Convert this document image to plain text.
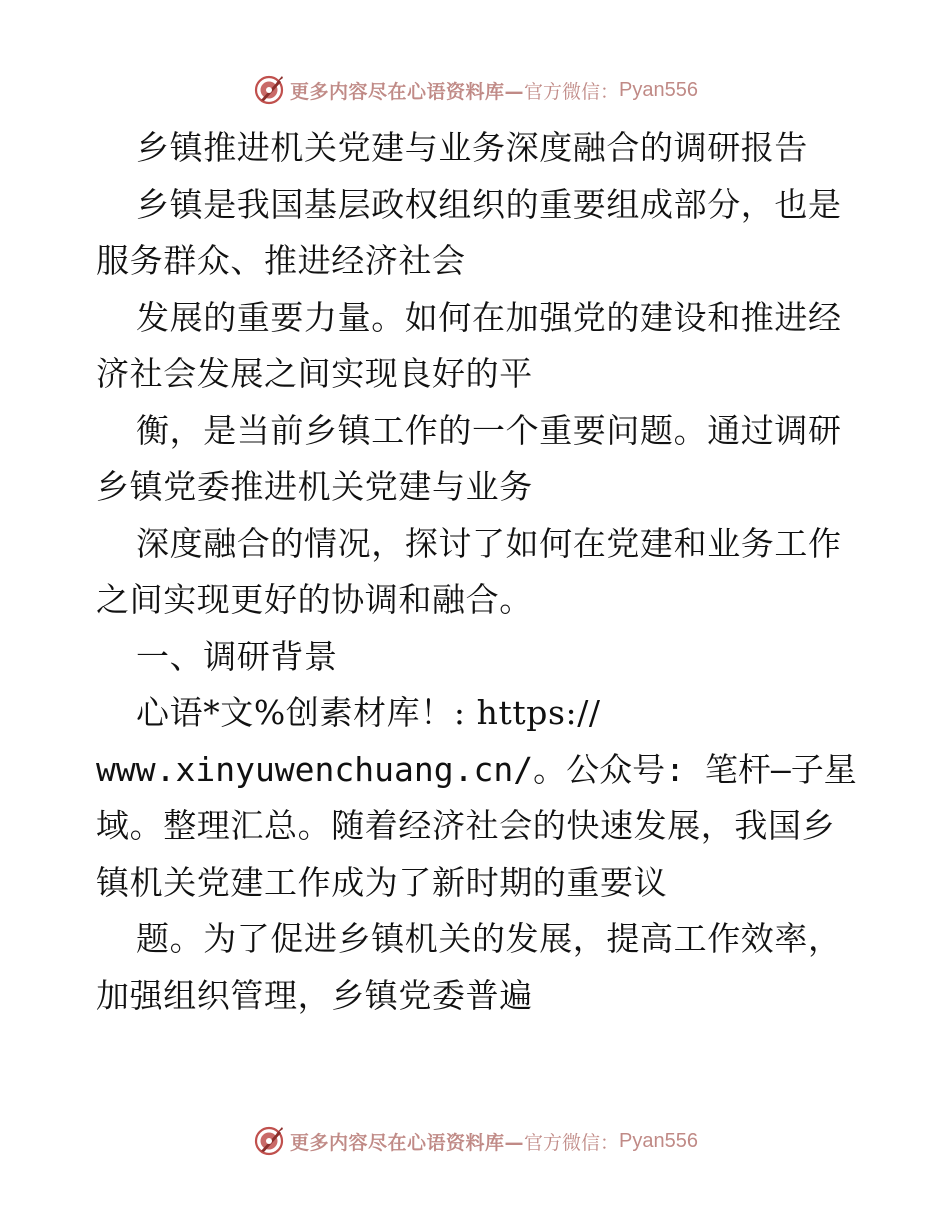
更多内容尽在心语资料库— 官方微信： Pyan556
乡镇推进机关党建与业务深度融合的调研报告
乡镇是我国基层政权组织的重要组成部分，也是
服务群众、推进经济社会
发展的重要力量。如何在加强党的建设和推进经
济社会发展之间实现良好的平
衡，是当前乡镇工作的一个重要问题。通过调研
乡镇党委推进机关党建与业务
深度融合的情况，探讨了如何在党建和业务工作
之间实现更好的协调和融合。
一、调研背景
心语*文%创素材库！: https://
www.xinyuwenchuang.cn/。公众号: 笔杆—子星
域。整理汇总。随着经济社会的快速发展，我国乡
镇机关党建工作成为了新时期的重要议
题。为了促进乡镇机关的发展，提高工作效率，
加强组织管理，乡镇党委普遍
更多内容尽在心语资料库— 官方微信： Pyan556
